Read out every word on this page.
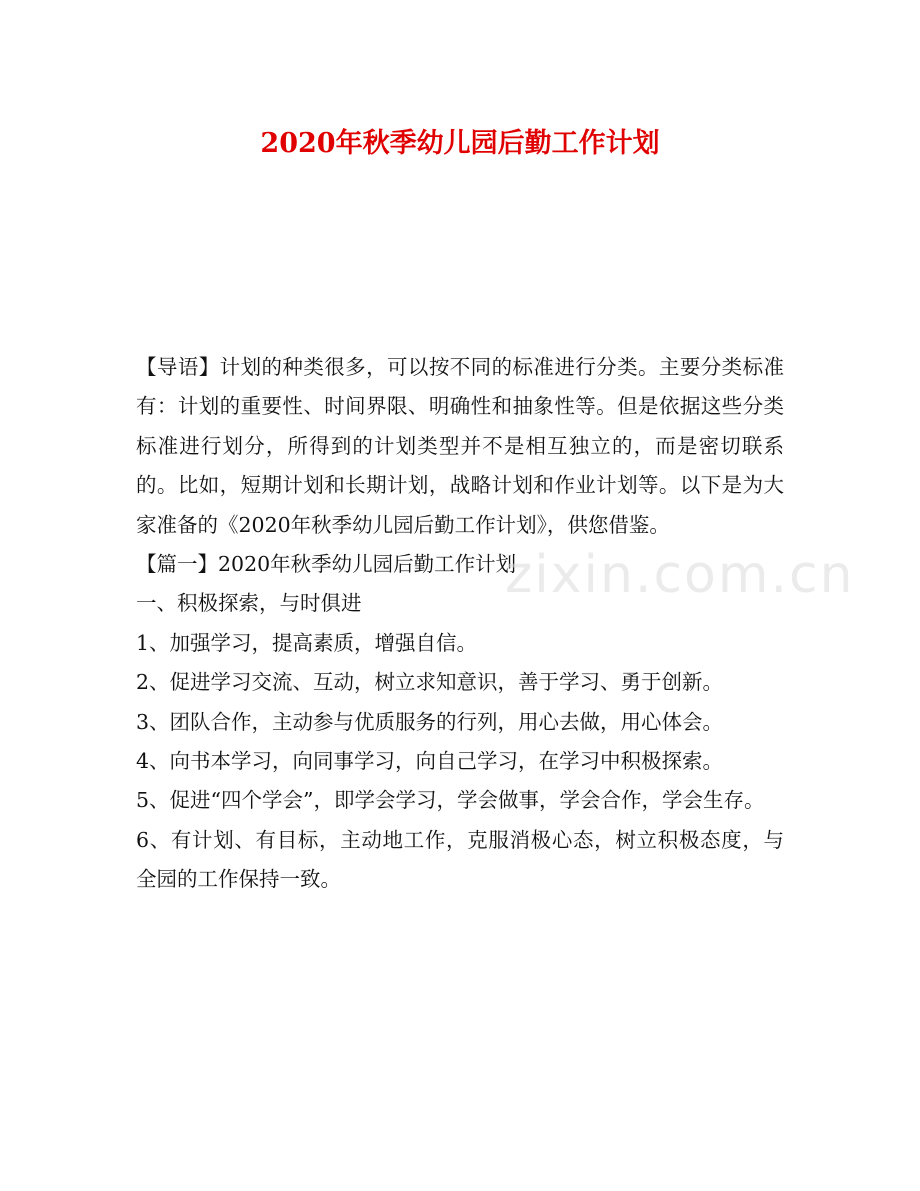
2020年秋季幼儿园后勤工作计划

【导语】计划的种类很多，可以按不同的标准进行分类。主要分类标准有：计划的重要性、时间界限、明确性和抽象性等。但是依据这些分类标准进行划分，所得到的计划类型并不是相互独立的，而是密切联系的。比如，短期计划和长期计划，战略计划和作业计划等。以下是为大家准备的《2020年秋季幼儿园后勤工作计划》，供您借鉴。

【篇一】2020年秋季幼儿园后勤工作计划

一、积极探索，与时俱进

1、加强学习，提高素质，增强自信。

2、促进学习交流、互动，树立求知意识，善于学习、勇于创新。

3、团队合作，主动参与优质服务的行列，用心去做，用心体会。

4、向书本学习，向同事学习，向自己学习，在学习中积极探索。

5、促进“四个学会”，即学会学习，学会做事，学会合作，学会生存。

6、有计划、有目标，主动地工作，克服消极心态，树立积极态度，与全园的工作保持一致。

zixin.com.cn
